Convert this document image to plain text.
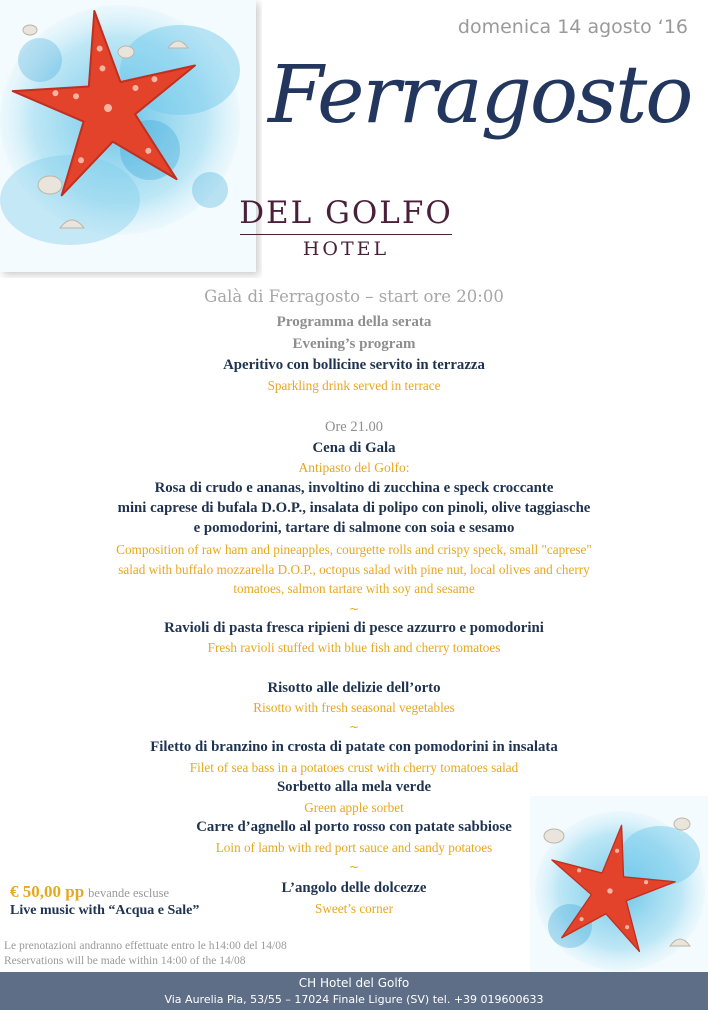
domenica 14 agosto ‘16
Ferragosto
DEL GOLFO
HOTEL
Galà di Ferragosto – start ore 20:00
Programma della serata
Evening’s program
Aperitivo con bollicine servito in terrazza
Sparkling drink served in terrace
Ore 21.00
Cena di Gala
Antipasto del Golfo:
Rosa di crudo e ananas, involtino di zucchina e speck croccante
mini caprese di bufala D.O.P., insalata di polipo con pinoli, olive taggiasche
e pomodorini, tartare di salmone con soia e sesamo
Composition of raw ham and pineapples, courgette rolls and crispy speck, small "caprese"
salad with buffalo mozzarella D.O.P., octopus salad with pine nut, local olives and cherry
tomatoes, salmon tartare with soy and sesame
~
Ravioli di pasta fresca ripieni di pesce azzurro e pomodorini
Fresh ravioli stuffed with blue fish and cherry tomatoes
Risotto alle delizie dell’orto
Risotto with fresh seasonal vegetables
~
Filetto di branzino in crosta di patate con pomodorini in insalata
Filet of sea bass in a potatoes crust with cherry tomatoes salad
Sorbetto alla mela verde
Green apple sorbet
Carre d’agnello al porto rosso con patate sabbiose
Loin of lamb with red port sauce and sandy potatoes
~
L’angolo delle dolcezze
Sweet’s corner
€ 50,00 pp bevande escluse
Live music with “Acqua e Sale”
Le prenotazioni andranno effettuate entro le h14:00 del 14/08
Reservations will be made within 14:00 of the 14/08
CH Hotel del Golfo
Via Aurelia Pia, 53/55 – 17024 Finale Ligure (SV) tel. +39 019600633
